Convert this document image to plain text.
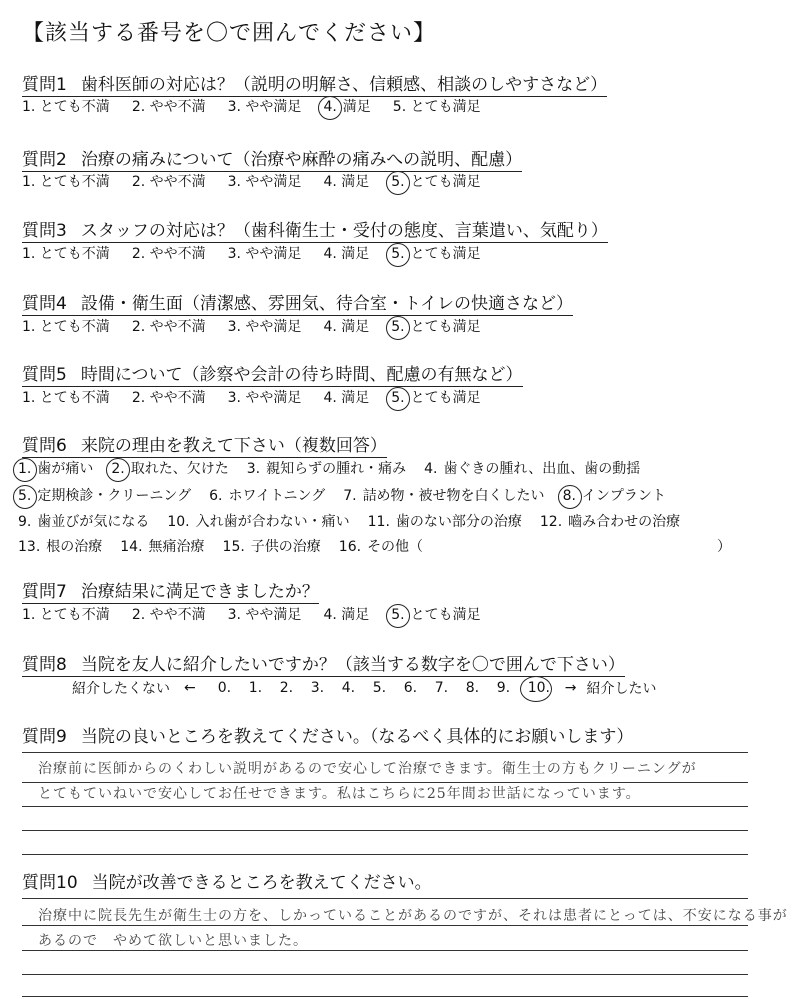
【該当する番号を〇で囲んでください】
質問1 歯科医師の対応は？（説明の明解さ、信頼感、相談のしやすさなど）
1. とても不満 2. やや不満 3. やや満足 4. 満足 5. とても満足
質問2 治療の痛みについて（治療や麻酔の痛みへの説明、配慮）
1. とても不満 2. やや不満 3. やや満足 4. 満足 5. とても満足
質問3 スタッフの対応は？（歯科衛生士・受付の態度、言葉遣い、気配り）
1. とても不満 2. やや不満 3. やや満足 4. 満足 5. とても満足
質問4 設備・衛生面（清潔感、雰囲気、待合室・トイレの快適さなど）
1. とても不満 2. やや不満 3. やや満足 4. 満足 5. とても満足
質問5 時間について（診察や会計の待ち時間、配慮の有無など）
1. とても不満 2. やや不満 3. やや満足 4. 満足 5. とても満足
質問6 来院の理由を教えて下さい（複数回答）
1. 歯が痛い 2. 取れた、欠けた 3. 親知らずの腫れ・痛み 4. 歯ぐきの腫れ、出血、歯の動揺
5. 定期検診・クリーニング 6. ホワイトニング 7. 詰め物・被せ物を白くしたい 8. インプラント
9. 歯並びが気になる 10. 入れ歯が合わない・痛い 11. 歯のない部分の治療 12. 嚙み合わせの治療
13. 根の治療 14. 無痛治療 15. 子供の治療 16. その他（　　　　　　　　　　　　　　　　　　　　　）
質問7 治療結果に満足できましたか？
1. とても不満 2. やや不満 3. やや満足 4. 満足 5. とても満足
質問8 当院を友人に紹介したいですか？（該当する数字を〇で囲んで下さい）
紹介したくない ← 0.	1.	2.	3.	4.	5.	6.	7.	8.	9.	10.	→ 紹介したい
質問9 当院の良いところを教えてください。（なるべく具体的にお願いします）
治療前に医師からのくわしい説明があるので安心して治療できます。衛生士の方もクリーニングが
とてもていねいで安心してお任せできます。私はこちらに25年間お世話になっています。
質問10 当院が改善できるところを教えてください。
治療中に院長先生が衛生士の方を、しかっていることがあるのですが、それは患者にとっては、不安になる事が
あるので　やめて欲しいと思いました。
